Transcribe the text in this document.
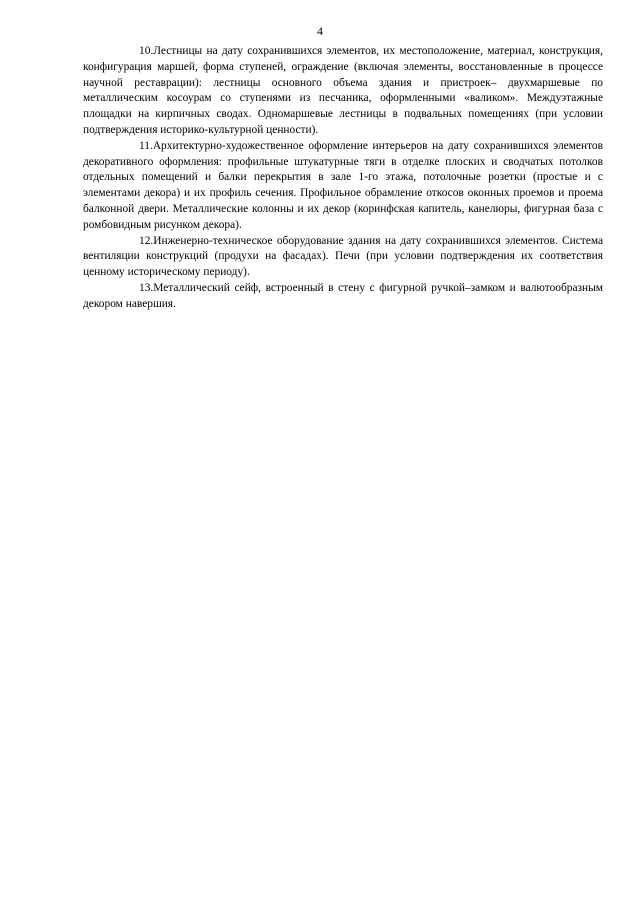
4

10.Лестницы на дату сохранившихся элементов, их местоположение, материал, конструкция, конфигурация маршей, форма ступеней, ограждение (включая элементы, восстановленные в процессе научной реставрации): лестницы основного объема здания и пристроек– двухмаршевые по металлическим косоурам со ступенями из песчаника, оформленными «валиком». Междуэтажные площадки на кирпичных сводах. Одномаршевые лестницы в подвальных помещениях (при условии подтверждения историко-культурной ценности).

11.Архитектурно-художественное оформление интерьеров на дату сохранившихся элементов декоративного оформления: профильные штукатурные тяги в отделке плоских и сводчатых потолков отдельных помещений и балки перекрытия в зале 1-го этажа, потолочные розетки (простые и с элементами декора) и их профиль сечения. Профильное обрамление откосов оконных проемов и проема балконной двери. Металлические колонны и их декор (коринфская капитель, канелюры, фигурная база с ромбовидным рисунком декора).

12.Инженерно-техническое оборудование здания на дату сохранившихся элементов. Система вентиляции конструкций (продухи на фасадах). Печи (при условии подтверждения их соответствия ценному историческому периоду).

13.Металлический сейф, встроенный в стену с фигурной ручкой–замком и валютообразным декором навершия.
